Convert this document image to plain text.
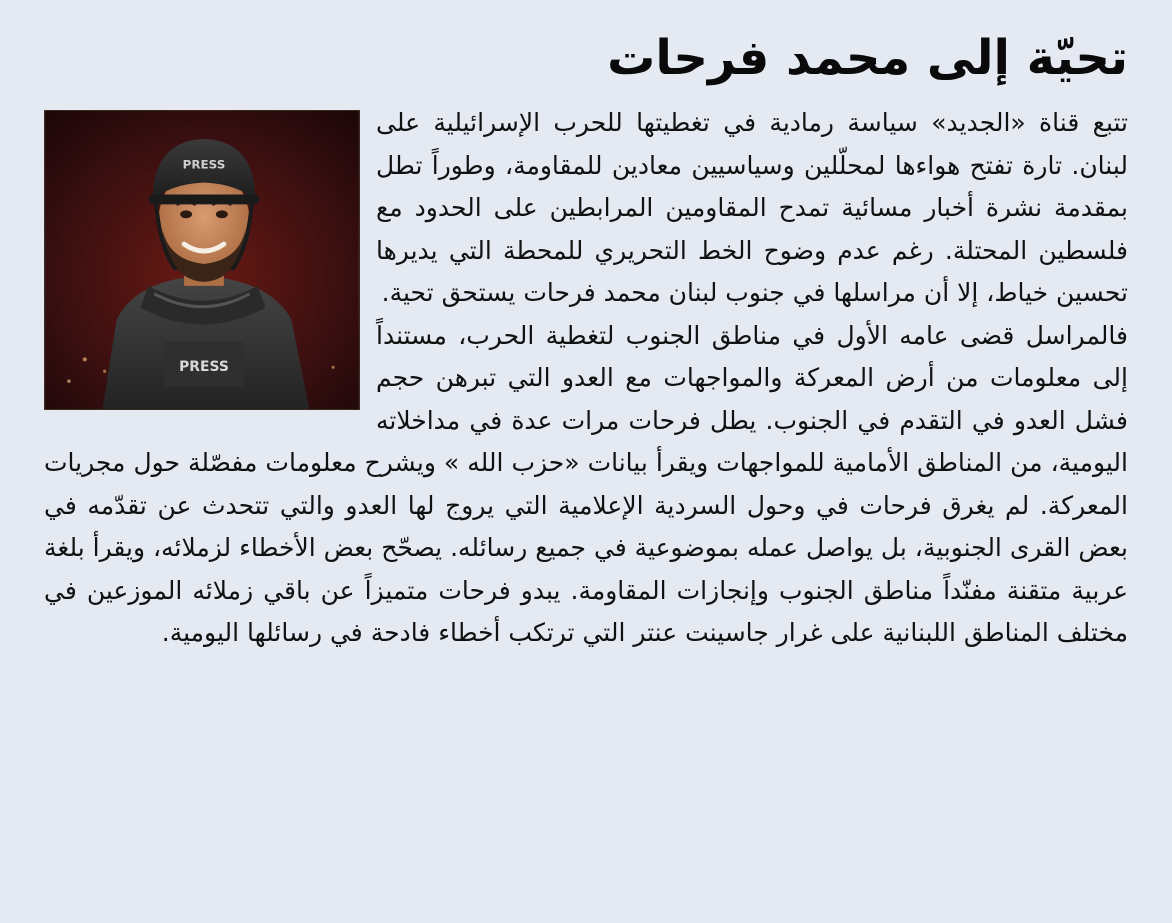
تحيّة إلى محمد فرحات
PRESS
PRESS

تتبع قناة «الجديد» سياسة رمادية في تغطيتها للحرب الإسرائيلية على لبنان. تارة تفتح هواءها لمحلّلين وسياسيين معادين للمقاومة، وطوراً تطل بمقدمة نشرة أخبار مسائية تمدح المقاومين المرابطين على الحدود مع فلسطين المحتلة. رغم عدم وضوح الخط التحريري للمحطة التي يديرها تحسين خياط، إلا أن مراسلها في جنوب لبنان محمد فرحات يستحق تحية.

فالمراسل قضى عامه الأول في مناطق الجنوب لتغطية الحرب، مستنداً إلى معلومات من أرض المعركة والمواجهات مع العدو التي تبرهن حجم فشل العدو في التقدم في الجنوب. يطل فرحات مرات عدة في مداخلاته اليومية، من المناطق الأمامية للمواجهات ويقرأ بيانات «حزب الله » ويشرح معلومات مفصّلة حول مجريات المعركة. لم يغرق فرحات في وحول السردية الإعلامية التي يروج لها العدو والتي تتحدث عن تقدّمه في بعض القرى الجنوبية، بل يواصل عمله بموضوعية في جميع رسائله. يصحّح بعض الأخطاء لزملائه، ويقرأ بلغة عربية متقنة مفنّداً مناطق الجنوب وإنجازات المقاومة. يبدو فرحات متميزاً عن باقي زملائه الموزعين في مختلف المناطق اللبنانية على غرار جاسينت عنتر التي ترتكب أخطاء فادحة في رسائلها اليومية.
